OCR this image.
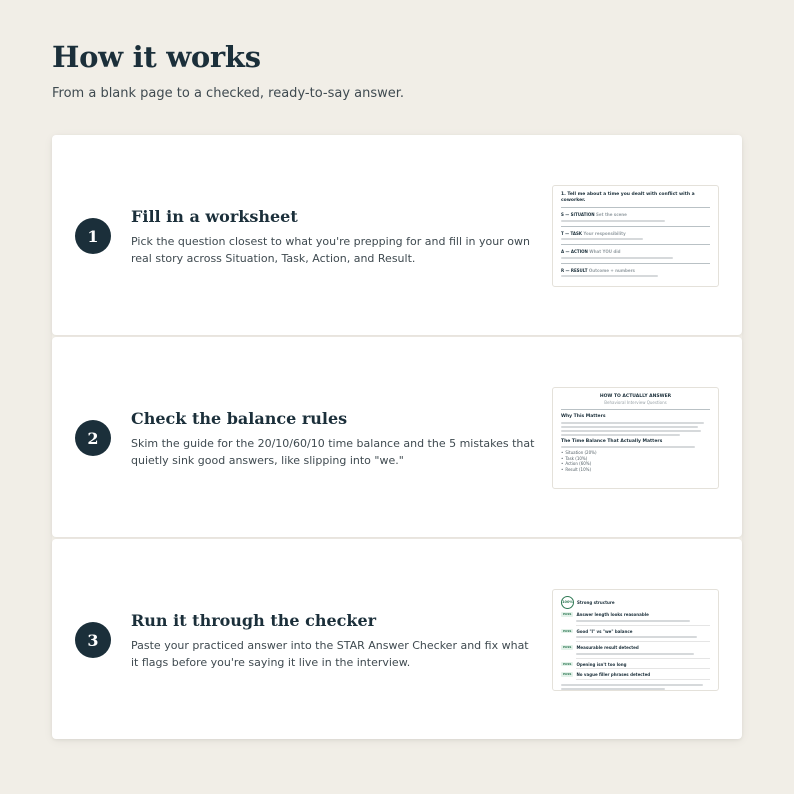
How it works

From a blank page to a checked, ready-to-say answer.

1
Fill in a worksheet

Pick the question closest to what you're prepping for and fill in your own real story across Situation, Task, Action, and Result.

1. Tell me about a time you dealt with conflict with a coworker.
S — SITUATION Set the scene
T — TASK Your responsibility
A — ACTION What YOU did
R — RESULT Outcome + numbers
2
Check the balance rules

Skim the guide for the 20/10/60/10 time balance and the 5 mistakes that quietly sink good answers, like slipping into "we."

HOW TO ACTUALLY ANSWER
Behavioral Interview Questions
Why This Matters
The Time Balance That Actually Matters
• Situation (20%)
• Task (10%)
• Action (60%)
• Result (10%)
3
Run it through the checker

Paste your practiced answer into the STAR Answer Checker and fix what it flags before you're saying it live in the interview.

100% Strong structure
PASS	Answer length looks reasonable
PASS	Good "I" vs "we" balance
PASS	Measurable result detected
PASS	Opening isn't too long
PASS	No vague filler phrases detected
